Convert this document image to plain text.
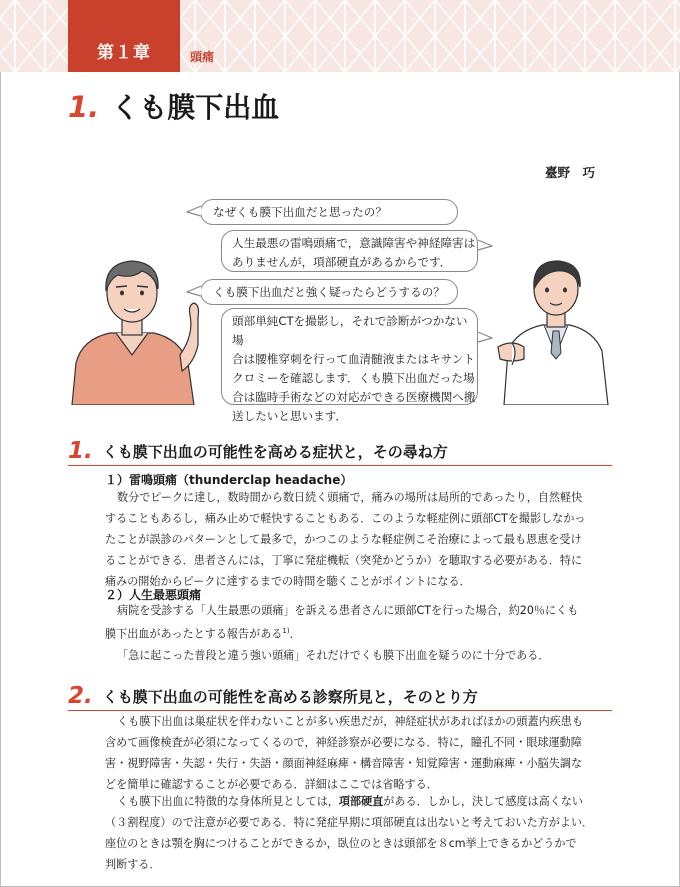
第１章	頭痛
1. くも膜下出血
臺野　巧
なぜくも膜下出血だと思ったの？
人生最悪の雷鳴頭痛で，意識障害や神経障害は
ありませんが，項部硬直があるからです．
くも膜下出血だと強く疑ったらどうするの？
頭部単純CTを撮影し，それで診断がつかない場
合は腰椎穿刺を行って血清髄液またはキサント
クロミーを確認します．くも膜下出血だった場
合は臨時手術などの対応ができる医療機関へ搬
送したいと思います．
1. くも膜下出血の可能性を高める症状と，その尋ね方
１）雷鳴頭痛（thunderclap headache）
数分でピークに達し，数時間から数日続く頭痛で，痛みの場所は局所的であったり，自然軽快
することもあるし，痛み止めで軽快することもある．このような軽症例に頭部CTを撮影しなかっ
たことが誤診のパターンとして最多で，かつこのような軽症例こそ治療によって最も恩恵を受け
ることができる．患者さんには，丁寧に発症機転（突発かどうか）を聴取する必要がある．特に
痛みの開始からピークに達するまでの時間を聴くことがポイントになる．
２）人生最悪頭痛
病院を受診する「人生最悪の頭痛」を訴える患者さんに頭部CTを行った場合，約20％にくも
膜下出血があったとする報告がある$^{1)}$．
「急に起こった普段と違う強い頭痛」それだけでくも膜下出血を疑うのに十分である．
2. くも膜下出血の可能性を高める診察所見と，そのとり方
くも膜下出血は巣症状を伴わないことが多い疾患だが，神経症状があればほかの頭蓋内疾患も
含めて画像検査が必須になってくるので，神経診察が必要になる．特に，瞳孔不同・眼球運動障
害・視野障害・失認・失行・失語・顔面神経麻痺・構音障害・知覚障害・運動麻痺・小脳失調な
どを簡単に確認することが必要である．詳細はここでは省略する．
くも膜下出血に特徴的な身体所見としては，項部硬直がある．しかし，決して感度は高くない
（３割程度）ので注意が必要である．特に発症早期に項部硬直は出ないと考えておいた方がよい．
座位のときは顎を胸につけることができるか，臥位のときは頭部を８cm挙上できるかどうかで
判断する．
